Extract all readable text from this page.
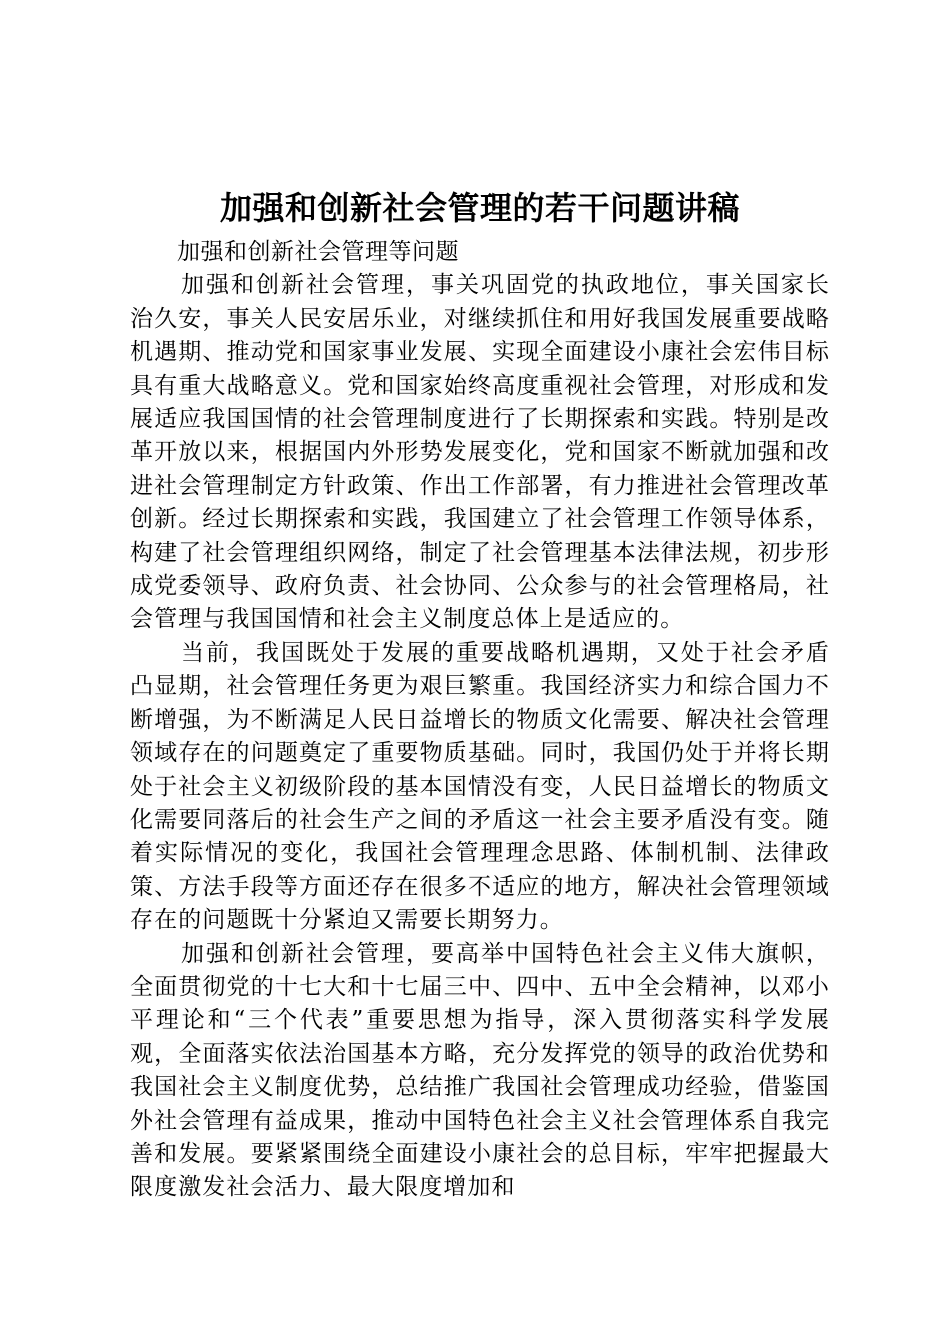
加强和创新社会管理的若干问题讲稿

加强和创新社会管理等问题

加强和创新社会管理，事关巩固党的执政地位，事关国家长治久安，事关人民安居乐业，对继续抓住和用好我国发展重要战略机遇期、推动党和国家事业发展、实现全面建设小康社会宏伟目标具有重大战略意义。党和国家始终高度重视社会管理，对形成和发展适应我国国情的社会管理制度进行了长期探索和实践。特别是改革开放以来，根据国内外形势发展变化，党和国家不断就加强和改进社会管理制定方针政策、作出工作部署，有力推进社会管理改革创新。经过长期探索和实践，我国建立了社会管理工作领导体系，构建了社会管理组织网络，制定了社会管理基本法律法规，初步形成党委领导、政府负责、社会协同、公众参与的社会管理格局，社会管理与我国国情和社会主义制度总体上是适应的。

当前，我国既处于发展的重要战略机遇期，又处于社会矛盾凸显期，社会管理任务更为艰巨繁重。我国经济实力和综合国力不断增强，为不断满足人民日益增长的物质文化需要、解决社会管理领域存在的问题奠定了重要物质基础。同时，我国仍处于并将长期处于社会主义初级阶段的基本国情没有变，人民日益增长的物质文化需要同落后的社会生产之间的矛盾这一社会主要矛盾没有变。随着实际情况的变化，我国社会管理理念思路、体制机制、法律政策、方法手段等方面还存在很多不适应的地方，解决社会管理领域存在的问题既十分紧迫又需要长期努力。

加强和创新社会管理，要高举中国特色社会主义伟大旗帜，全面贯彻党的十七大和十七届三中、四中、五中全会精神，以邓小平理论和“三个代表”重要思想为指导，深入贯彻落实科学发展观，全面落实依法治国基本方略，充分发挥党的领导的政治优势和我国社会主义制度优势，总结推广我国社会管理成功经验，借鉴国外社会管理有益成果，推动中国特色社会主义社会管理体系自我完善和发展。要紧紧围绕全面建设小康社会的总目标，牢牢把握最大限度激发社会活力、最大限度增加和
